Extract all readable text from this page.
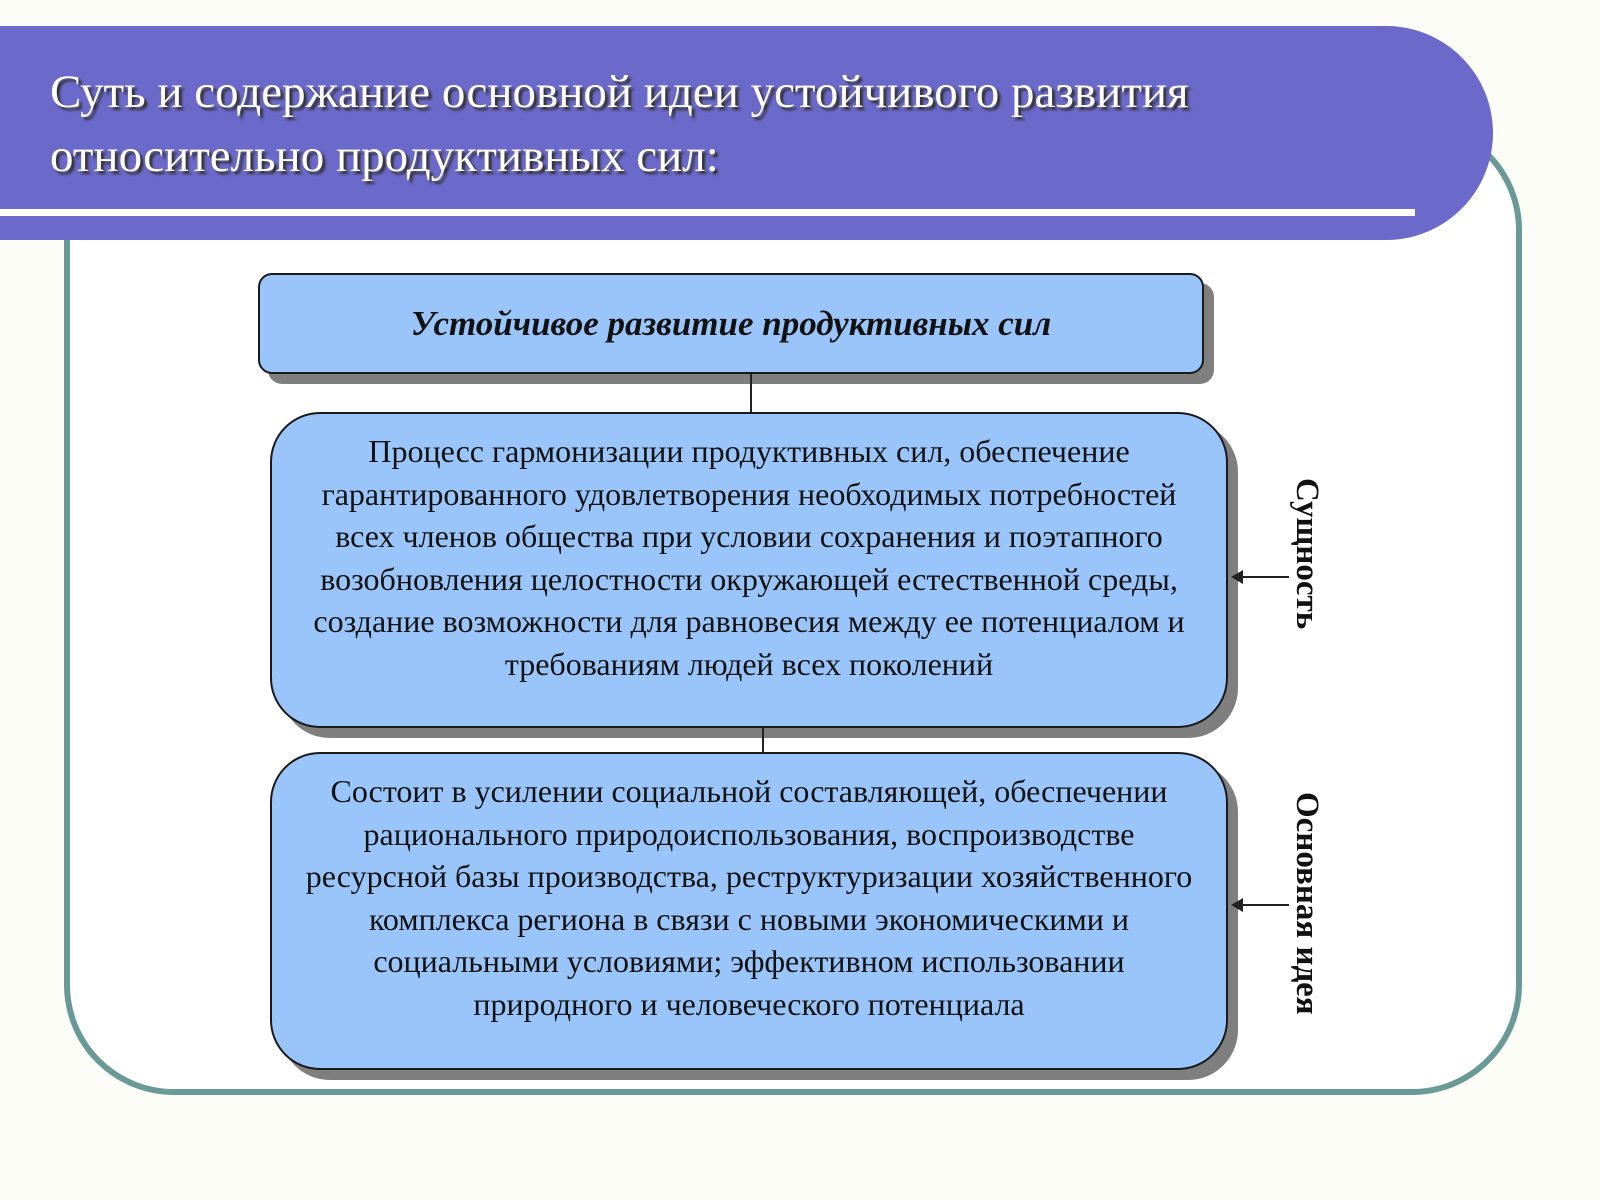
Суть и содержание основной идеи устойчивого развития относительно продуктивных сил:
Устойчивое развитие продуктивных сил
Процесс гармонизации продуктивных сил, обеспечение гарантированного удовлетворения необходимых потребностей всех членов общества при условии сохранения и поэтапного возобновления целостности окружающей естественной среды, создание возможности для равновесия между ее потенциалом и требованиям людей всех поколений
Состоит в усилении социальной составляющей, обеспечении рационального природоиспользования, воспроизводстве ресурсной базы производства, реструктуризации хозяйственного комплекса региона в связи с новыми экономическими и социальными условиями; эффективном использовании природного и человеческого потенциала
Сущность
Основная идея
